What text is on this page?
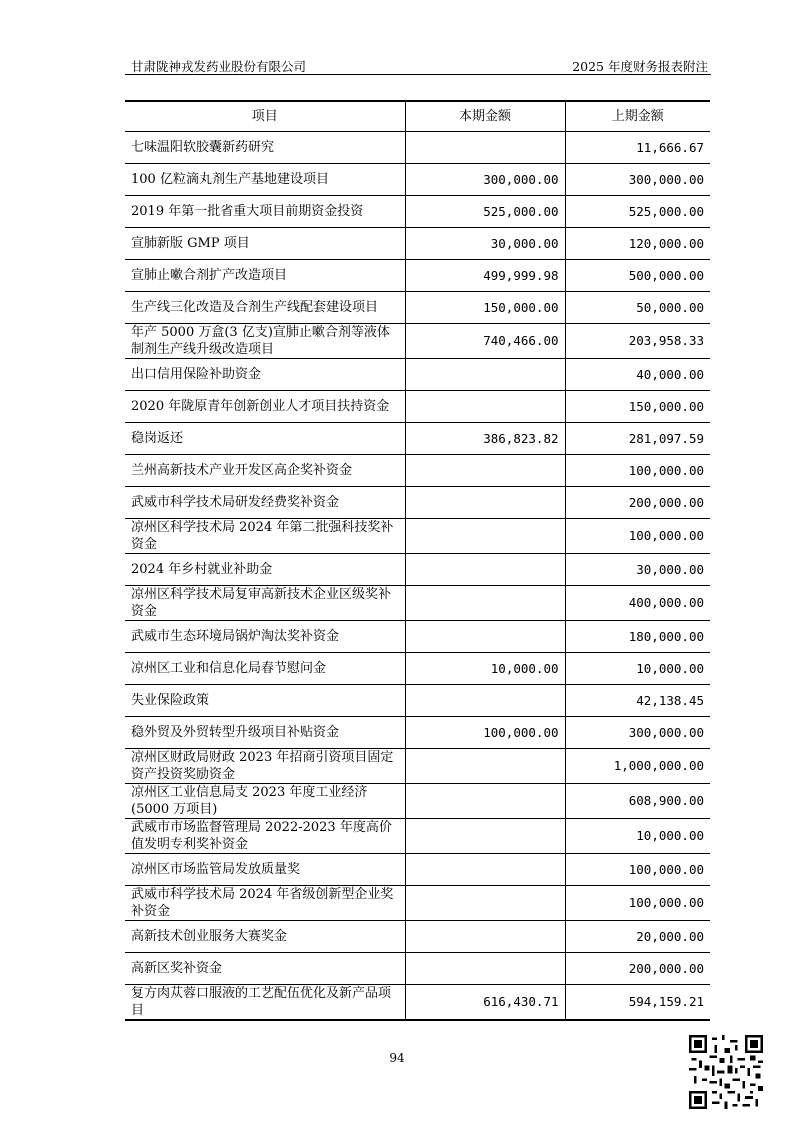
甘肃陇神戎发药业股份有限公司	2025 年度财务报表附注
项目	本期金额	上期金额
七味温阳软胶囊新药研究		11,666.67
100 亿粒滴丸剂生产基地建设项目	300,000.00	300,000.00
2019 年第一批省重大项目前期资金投资	525,000.00	525,000.00
宣肺新版 GMP 项目	30,000.00	120,000.00
宣肺止嗽合剂扩产改造项目	499,999.98	500,000.00
生产线三化改造及合剂生产线配套建设项目	150,000.00	50,000.00
年产 5000 万盒(3 亿支)宣肺止嗽合剂等液体制剂生产线升级改造项目	740,466.00	203,958.33
出口信用保险补助资金		40,000.00
2020 年陇原青年创新创业人才项目扶持资金		150,000.00
稳岗返还	386,823.82	281,097.59
兰州高新技术产业开发区高企奖补资金		100,000.00
武威市科学技术局研发经费奖补资金		200,000.00
凉州区科学技术局 2024 年第二批强科技奖补资金		100,000.00
2024 年乡村就业补助金		30,000.00
凉州区科学技术局复审高新技术企业区级奖补资金		400,000.00
武威市生态环境局锅炉淘汰奖补资金		180,000.00
凉州区工业和信息化局春节慰问金	10,000.00	10,000.00
失业保险政策		42,138.45
稳外贸及外贸转型升级项目补贴资金	100,000.00	300,000.00
凉州区财政局财政 2023 年招商引资项目固定资产投资奖励资金		1,000,000.00
凉州区工业信息局支 2023 年度工业经济(5000 万项目)		608,900.00
武威市市场监督管理局 2022-2023 年度高价值发明专利奖补资金		10,000.00
凉州区市场监管局发放质量奖		100,000.00
武威市科学技术局 2024 年省级创新型企业奖补资金		100,000.00
高新技术创业服务大赛奖金		20,000.00
高新区奖补资金		200,000.00
复方肉苁蓉口服液的工艺配伍优化及新产品项目	616,430.71	594,159.21
94
